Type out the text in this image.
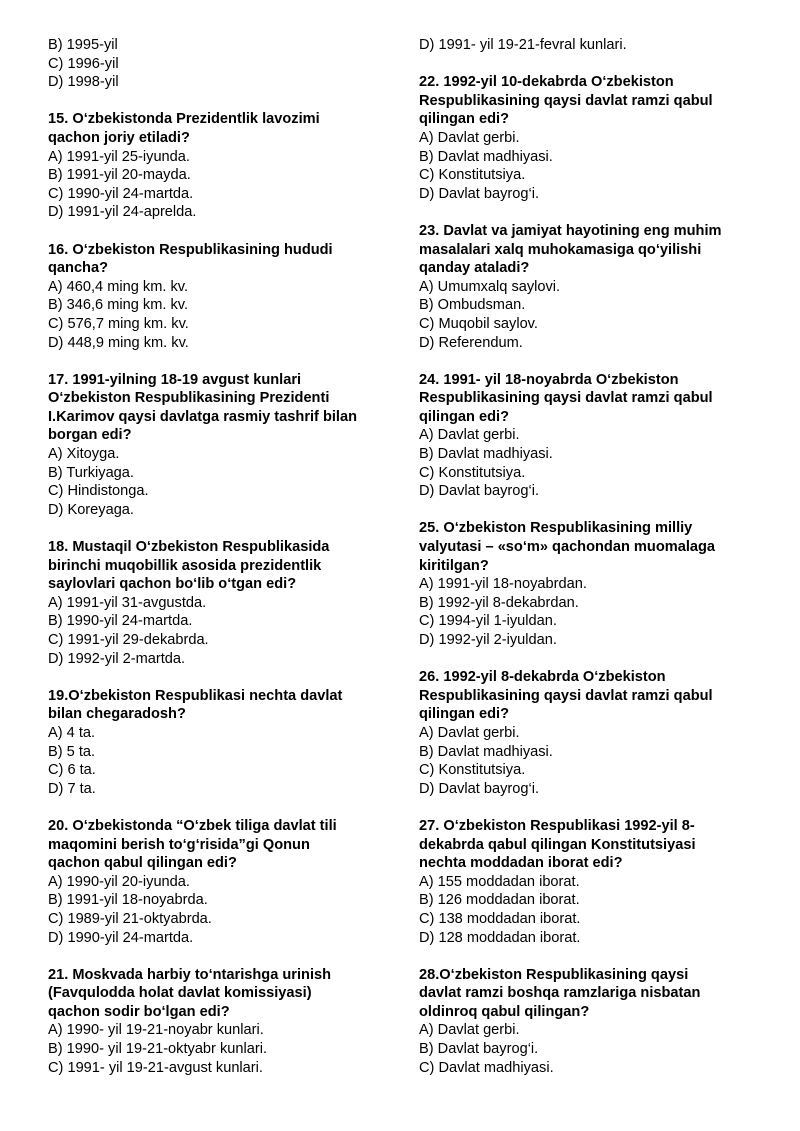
B) 1995-yil
C) 1996-yil
D) 1998-yil
15. O‘zbekistonda Prezidentlik lavozimi
qachon joriy etiladi?
A) 1991-yil 25-iyunda.
B) 1991-yil 20-mayda.
C) 1990-yil 24-martda.
D) 1991-yil 24-aprelda.
16. O‘zbekiston Respublikasining hududi
qancha?
A) 460,4 ming km. kv.
B) 346,6 ming km. kv.
C) 576,7 ming km. kv.
D) 448,9 ming km. kv.
17. 1991-yilning 18-19 avgust kunlari
O‘zbekiston Respublikasining Prezidenti
I.Karimov qaysi davlatga rasmiy tashrif bilan
borgan edi?
A) Xitoyga.
B) Turkiyaga.
C) Hindistonga.
D) Koreyaga.
18. Mustaqil O‘zbekiston Respublikasida
birinchi muqobillik asosida prezidentlik
saylovlari qachon bo‘lib o‘tgan edi?
A) 1991-yil 31-avgustda.
B) 1990-yil 24-martda.
C) 1991-yil 29-dekabrda.
D) 1992-yil 2-martda.
19.O‘zbekiston Respublikasi nechta davlat
bilan chegaradosh?
A) 4 ta.
B) 5 ta.
C) 6 ta.
D) 7 ta.
20. O‘zbekistonda “O‘zbek tiliga davlat tili
maqomini berish to‘g‘risida”gi Qonun
qachon qabul qilingan edi?
A) 1990-yil 20-iyunda.
B) 1991-yil 18-noyabrda.
C) 1989-yil 21-oktyabrda.
D) 1990-yil 24-martda.
21. Moskvada harbiy to‘ntarishga urinish
(Favqulodda holat davlat komissiyasi)
qachon sodir bo‘lgan edi?
A) 1990- yil 19-21-noyabr kunlari.
B) 1990- yil 19-21-oktyabr kunlari.
C) 1991- yil 19-21-avgust kunlari.
D) 1991- yil 19-21-fevral kunlari.
22. 1992-yil 10-dekabrda O‘zbekiston
Respublikasining qaysi davlat ramzi qabul
qilingan edi?
A) Davlat gerbi.
B) Davlat madhiyasi.
C) Konstitutsiya.
D) Davlat bayrog‘i.
23. Davlat va jamiyat hayotining eng muhim
masalalari xalq muhokamasiga qo‘yilishi
qanday ataladi?
A) Umumxalq saylovi.
B) Ombudsman.
C) Muqobil saylov.
D) Referendum.
24. 1991- yil 18-noyabrda O‘zbekiston
Respublikasining qaysi davlat ramzi qabul
qilingan edi?
A) Davlat gerbi.
B) Davlat madhiyasi.
C) Konstitutsiya.
D) Davlat bayrog‘i.
25. O‘zbekiston Respublikasining milliy
valyutasi – «so‘m» qachondan muomalaga
kiritilgan?
A) 1991-yil 18-noyabrdan.
B) 1992-yil 8-dekabrdan.
C) 1994-yil 1-iyuldan.
D) 1992-yil 2-iyuldan.
26. 1992-yil 8-dekabrda O‘zbekiston
Respublikasining qaysi davlat ramzi qabul
qilingan edi?
A) Davlat gerbi.
B) Davlat madhiyasi.
C) Konstitutsiya.
D) Davlat bayrog‘i.
27. O‘zbekiston Respublikasi 1992-yil 8-
dekabrda qabul qilingan Konstitutsiyasi
nechta moddadan iborat edi?
A) 155 moddadan iborat.
B) 126 moddadan iborat.
C) 138 moddadan iborat.
D) 128 moddadan iborat.
28.O‘zbekiston Respublikasining qaysi
davlat ramzi boshqa ramzlariga nisbatan
oldinroq qabul qilingan?
A) Davlat gerbi.
B) Davlat bayrog‘i.
C) Davlat madhiyasi.
